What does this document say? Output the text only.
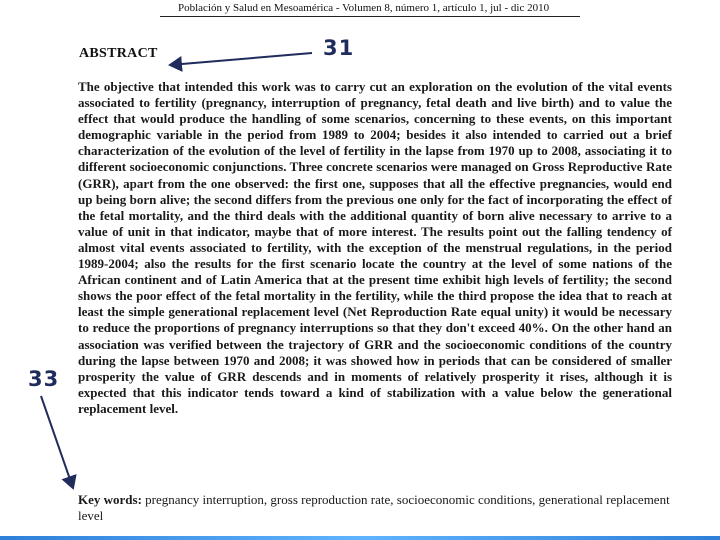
Población y Salud en Mesoamérica - Volumen 8, número 1, artículo 1, jul - dic 2010
ABSTRACT
The objective that intended this work was to carry cut an exploration on the evolution of the vital events associated to fertility (pregnancy, interruption of pregnancy, fetal death and live birth) and to value the effect that would produce the handling of some scenarios, concerning to these events, on this important demographic variable in the period from 1989 to 2004; besides it also intended to carried out a brief characterization of the evolution of the level of fertility in the lapse from 1970 up to 2008, associating it to different socioeconomic conjunctions. Three concrete scenarios were managed on Gross Reproductive Rate (GRR), apart from the one observed: the first one, supposes that all the effective pregnancies, would end up being born alive; the second differs from the previous one only for the fact of incorporating the effect of the fetal mortality, and the third deals with the additional quantity of born alive necessary to arrive to a value of unit in that indicator, maybe that of more interest. The results point out the falling tendency of almost vital events associated to fertility, with the exception of the menstrual regulations, in the period 1989-2004; also the results for the first scenario locate the country at the level of some nations of the African continent and of Latin America that at the present time exhibit high levels of fertility; the second shows the poor effect of the fetal mortality in the fertility, while the third propose the idea that to reach at least the simple generational replacement level (Net Reproduction Rate equal unity) it would be necessary to reduce the proportions of pregnancy interruptions so that they don't exceed 40%. On the other hand an association was verified between the trajectory of GRR and the socioeconomic conditions of the country during the lapse between 1970 and 2008; it was showed how in periods that can be considered of smaller prosperity the value of GRR descends and in moments of relatively prosperity it rises, although it is expected that this indicator tends toward a kind of stabilization with a value below the generational replacement level.
Key words: pregnancy interruption, gross reproduction rate, socioeconomic conditions, generational replacement level
31
33
